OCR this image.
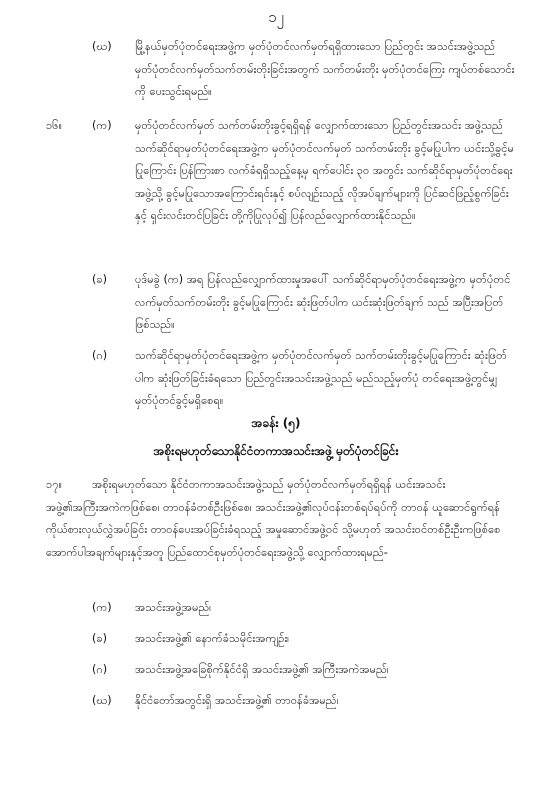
၁၂
(ဃ) မြို့နယ်မှတ်ပုံတင်ရေးအဖွဲ့က မှတ်ပုံတင်လက်မှတ်ရရှိထားသော ပြည်တွင်း အသင်းအဖွဲ့သည် မှတ်ပုံတင်လက်မှတ်သက်တမ်းတိုးခြင်းအတွက် သက်တမ်းတိုး မှတ်ပုံတင်ကြေး ကျပ်တစ်သောင်းကို ပေးသွင်းရမည်။
၁၆။	(က) မှတ်ပုံတင်လက်မှတ် သက်တမ်းတိုးခွင့်ရရှိရန် လျှောက်ထားသော ပြည်တွင်းအသင်း အဖွဲ့သည် သက်ဆိုင်ရာမှတ်ပုံတင်ရေးအဖွဲ့က မှတ်ပုံတင်လက်မှတ် သက်တမ်းတိုး ခွင့်မပြုပါက ယင်းသို့ခွင့်မပြုကြောင်း ပြန်ကြားစာ လက်ခံရရှိသည့်နေ့မှ ရက်ပေါင်း ၃၀ အတွင်း သက်ဆိုင်ရာမှတ်ပုံတင်ရေးအဖွဲ့သို့ ခွင့်မပြုသောအကြောင်းရင်းနှင့် စပ်လျဉ်းသည့် လိုအပ်ချက်များကို ပြင်ဆင်ဖြည့်စွက်ခြင်းနှင့် ရှင်းလင်းတင်ပြခြင်း တို့ကိုပြုလုပ်၍ ပြန်လည်လျှောက်ထားနိုင်သည်။
(ခ) ပုဒ်မခွဲ (က) အရ ပြန်လည်လျှောက်ထားမှုအပေါ် သက်ဆိုင်ရာမှတ်ပုံတင်ရေးအဖွဲ့က မှတ်ပုံတင်လက်မှတ်သက်တမ်းတိုး ခွင့်မပြုကြောင်း ဆုံးဖြတ်ပါက ယင်းဆုံးဖြတ်ချက် သည် အပြီးအပြတ်ဖြစ်သည်။
(ဂ) သက်ဆိုင်ရာမှတ်ပုံတင်ရေးအဖွဲ့က မှတ်ပုံတင်လက်မှတ် သက်တမ်းတိုးခွင့်မပြုကြောင်း ဆုံးဖြတ်ပါက ဆုံးဖြတ်ခြင်းခံရသော ပြည်တွင်းအသင်းအဖွဲ့သည် မည်သည့်မှတ်ပုံ တင်ရေးအဖွဲ့တွင်မျှ မှတ်ပုံတင်ခွင့်မရှိစေရ။
အခန်း (၅)
အစိုးရမဟုတ်သောနိုင်ငံတကာအသင်းအဖွဲ့ မှတ်ပုံတင်ခြင်း
၁၇။	အစိုးရမဟုတ်သော နိုင်ငံတကာအသင်းအဖွဲ့သည် မှတ်ပုံတင်လက်မှတ်ရရှိရန် ယင်းအသင်း အဖွဲ့၏အကြီးအကဲကဖြစ်စေ၊ တာဝန်ခံတစ်ဦးဖြစ်စေ၊ အသင်းအဖွဲ့၏လုပ်ငန်းတစ်ရပ်ရပ်ကို တာဝန် ယူဆောင်ရွက်ရန် ကိုယ်စားလှယ်လွှဲအပ်ခြင်း တာဝန်ပေးအပ်ခြင်းခံရသည့် အမှုဆောင်အဖွဲ့ဝင် သို့မဟုတ် အသင်းဝင်တစ်ဦးဦးကဖြစ်စေ အောက်ပါအချက်များနှင့်အတူ ပြည်ထောင်စုမှတ်ပုံတင်ရေးအဖွဲ့သို့ လျှောက်ထားရမည်-
(က) အသင်းအဖွဲ့အမည်၊
(ခ) အသင်းအဖွဲ့၏ နောက်ခံသမိုင်းအကျဉ်း၊
(ဂ) အသင်းအဖွဲ့အခြေစိုက်နိုင်ငံရှိ အသင်းအဖွဲ့၏ အကြီးအကဲအမည်၊
(ဃ) နိုင်ငံတော်အတွင်းရှိ အသင်းအဖွဲ့၏ တာဝန်ခံအမည်၊
